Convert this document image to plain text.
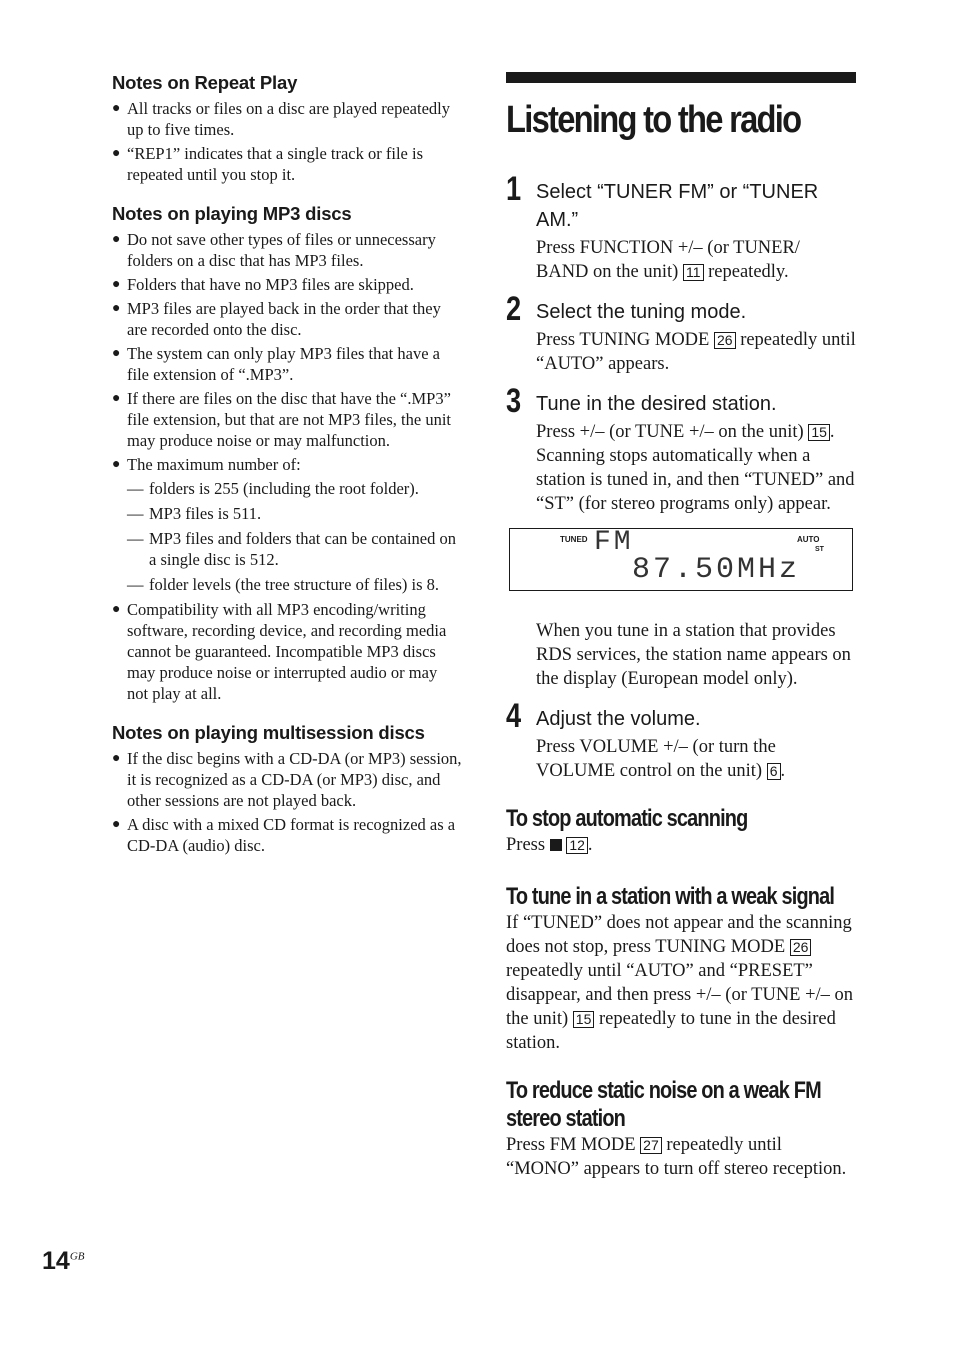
Notes on Repeat Play
● All tracks or files on a disc are played repeatedly up to five times.
● “REP1” indicates that a single track or file is repeated until you stop it.
Notes on playing MP3 discs
● Do not save other types of files or unnecessary folders on a disc that has MP3 files.
● Folders that have no MP3 files are skipped.
● MP3 files are played back in the order that they are recorded onto the disc.
● The system can only play MP3 files that have a file extension of “.MP3”.
● If there are files on the disc that have the “.MP3” file extension, but that are not MP3 files, the unit may produce noise or may malfunction.
● The maximum number of:
— folders is 255 (including the root folder).
— MP3 files is 511.
— MP3 files and folders that can be contained on a single disc is 512.
— folder levels (the tree structure of files) is 8.
● Compatibility with all MP3 encoding/writing software, recording device, and recording media cannot be guaranteed. Incompatible MP3 discs may produce noise or interrupted audio or may not play at all.
Notes on playing multisession discs
● If the disc begins with a CD-DA (or MP3) session, it is recognized as a CD-DA (or MP3) disc, and other sessions are not played back.
● A disc with a mixed CD format is recognized as a CD-DA (audio) disc.
Listening to the radio
1 Select “TUNER FM” or “TUNER AM.”
Press FUNCTION +/– (or TUNER/ BAND on the unit) 11 repeatedly.
2 Select the tuning mode.
Press TUNING MODE 26 repeatedly until “AUTO” appears.
3 Tune in the desired station.
Press +/– (or TUNE +/– on the unit) 15 . Scanning stops automatically when a station is tuned in, and then “TUNED” and “ST” (for stereo programs only) appear.
TUNED FM	AUTO
ST
87.50MHz
When you tune in a station that provides RDS services, the station name appears on the display (European model only).
4 Adjust the volume.
Press VOLUME +/– (or turn the VOLUME control on the unit) 6 .
To stop automatic scanning
Press 12 .
To tune in a station with a weak signal
If “TUNED” does not appear and the scanning does not stop, press TUNING MODE 26 repeatedly until “AUTO” and “PRESET” disappear, and then press +/– (or TUNE +/– on the unit) 15 repeatedly to tune in the desired station.
To reduce static noise on a weak FM
stereo station
Press FM MODE 27 repeatedly until “MONO” appears to turn off stereo reception.
$14^{GB}$
